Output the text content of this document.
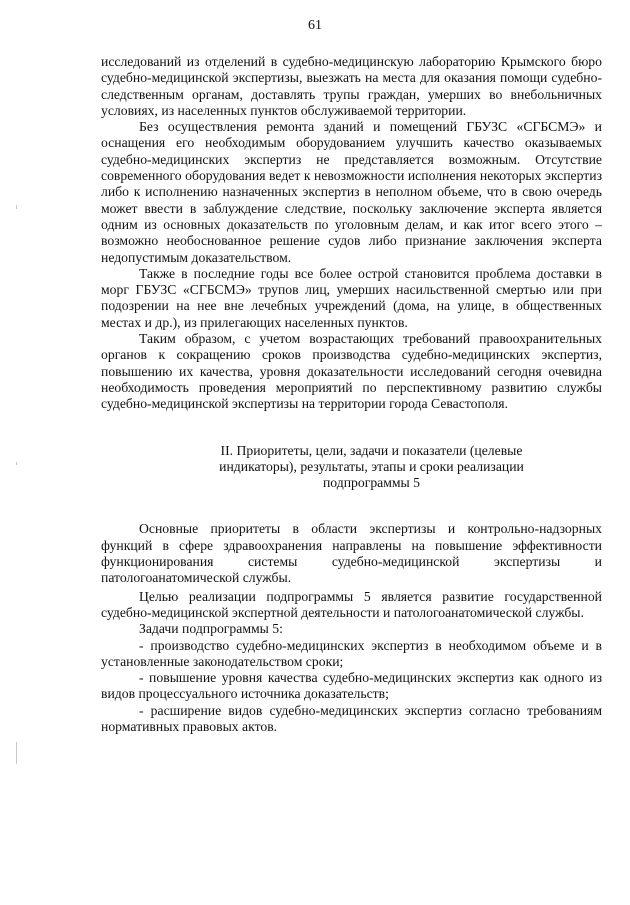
61

исследований из отделений в судебно-медицинскую лабораторию Крымского бюро судебно-медицинской экспертизы, выезжать на места для оказания помощи судебно-следственным органам, доставлять трупы граждан, умерших во внебольничных условиях, из населенных пунктов обслуживаемой территории.

Без осуществления ремонта зданий и помещений ГБУЗС «СГБСМЭ» и оснащения его необходимым оборудованием улучшить качество оказываемых судебно-медицинских экспертиз не представляется возможным. Отсутствие современного оборудования ведет к невозможности исполнения некоторых экспертиз либо к исполнению назначенных экспертиз в неполном объеме, что в свою очередь может ввести в заблуждение следствие, поскольку заключение эксперта является одним из основных доказательств по уголовным делам, и как итог всего этого – возможно необоснованное решение судов либо признание заключения эксперта недопустимым доказательством.

Также в последние годы все более острой становится проблема доставки в морг ГБУЗС «СГБСМЭ» трупов лиц, умерших насильственной смертью или при подозрении на нее вне лечебных учреждений (дома, на улице, в общественных местах и др.), из прилегающих населенных пунктов.

Таким образом, с учетом возрастающих требований правоохранительных органов к сокращению сроков производства судебно-медицинских экспертиз, повышению их качества, уровня доказательности исследований сегодня очевидна необходимость проведения мероприятий по перспективному развитию службы судебно-медицинской экспертизы на территории города Севастополя.

II. Приоритеты, цели, задачи и показатели (целевые индикаторы), результаты, этапы и сроки реализации подпрограммы 5

Основные приоритеты в области экспертизы и контрольно-надзорных функций в сфере здравоохранения направлены на повышение эффективности функционирования системы судебно-медицинской экспертизы и патологоанатомической службы.

Целью реализации подпрограммы 5 является развитие государственной судебно-медицинской экспертной деятельности и патологоанатомической службы.

Задачи подпрограммы 5:

- производство судебно-медицинских экспертиз в необходимом объеме и в установленные законодательством сроки;

- повышение уровня качества судебно-медицинских экспертиз как одного из видов процессуального источника доказательств;

- расширение видов судебно-медицинских экспертиз согласно требованиям нормативных правовых актов.
